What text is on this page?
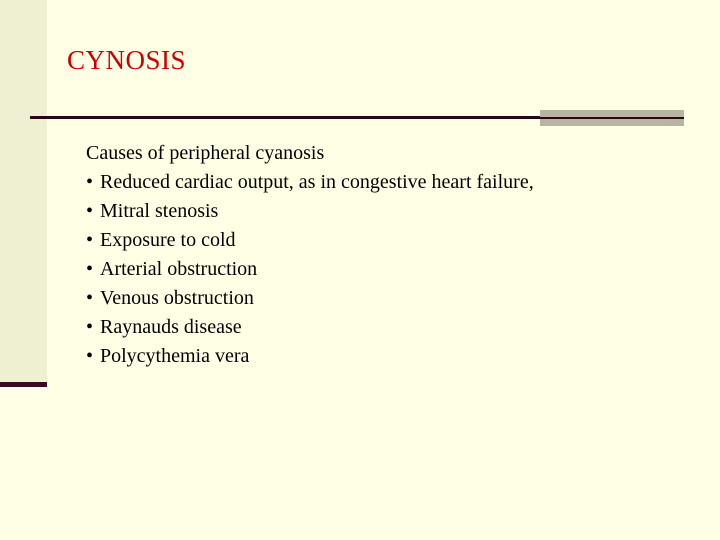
CYNOSIS
Causes of peripheral cyanosis
• Reduced cardiac output, as in congestive heart failure,
• Mitral stenosis
• Exposure to cold
• Arterial obstruction
• Venous obstruction
• Raynauds disease
• Polycythemia vera
